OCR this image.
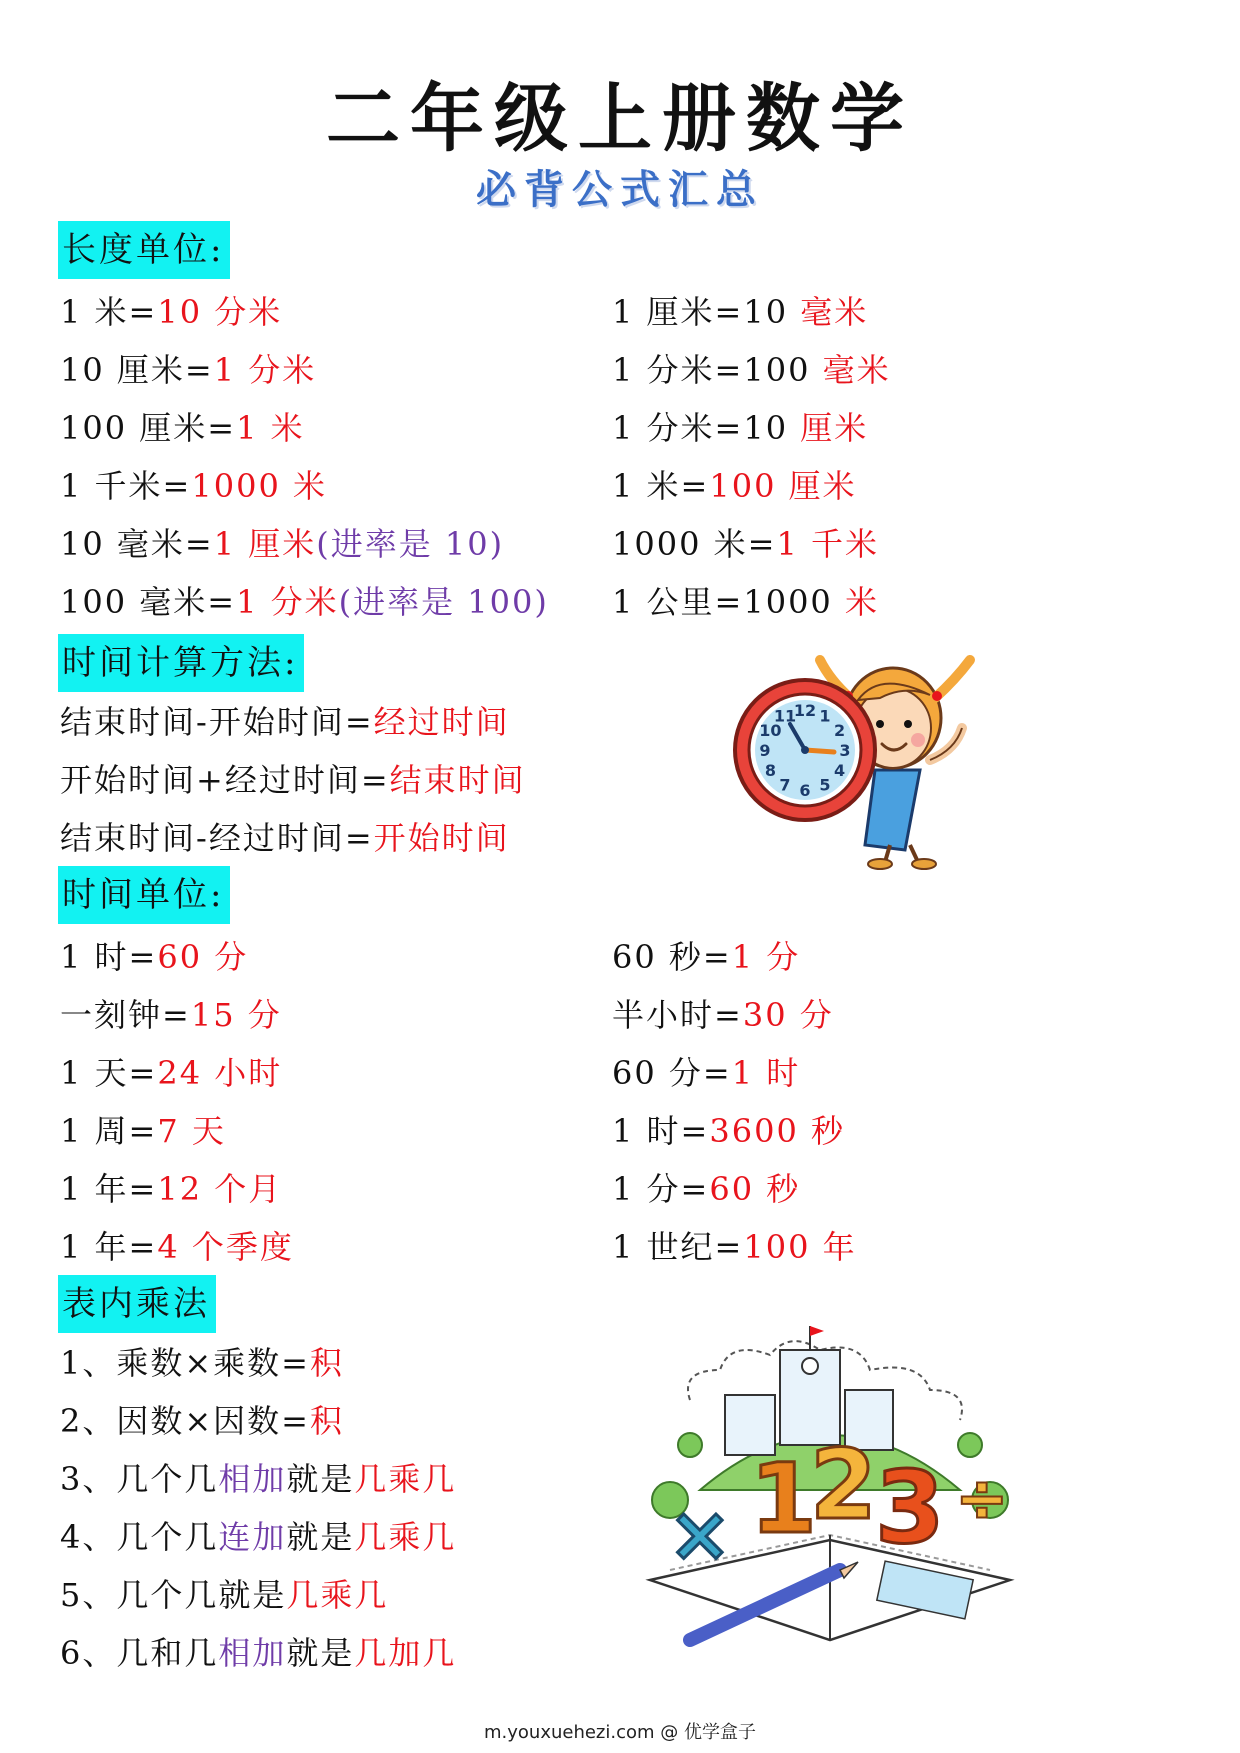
二年级上册数学
必背公式汇总
长度单位:
1 米=10 分米
10 厘米=1 分米
100 厘米=1 米
1 千米=1000 米
10 毫米=1 厘米(进率是 10)
100 毫米=1 分米(进率是 100)
1 厘米=10 毫米
1 分米=100 毫米
1 分米=10 厘米
1 米=100 厘米
1000 米=1 千米
1 公里=1000 米
时间计算方法:
结束时间-开始时间=经过时间
开始时间+经过时间=结束时间
结束时间-经过时间=开始时间
12 1
2
3
4
5
6
7
8
9
10
11
时间单位:
1 时=60 分
一刻钟=15 分
1 天=24 小时
1 周=7 天
1 年=12 个月
1 年=4 个季度
60 秒=1 分
半小时=30 分
60 分=1 时
1 时=3600 秒
1 分=60 秒
1 世纪=100 年
表内乘法
1、乘数×乘数=积
2、因数×因数=积
3、几个几相加就是几乘几
4、几个几连加就是几乘几
5、几个几就是几乘几
6、几和几相加就是几加几
× 1
2
3 ÷
m.youxuehezi.com @ 优学盒子
